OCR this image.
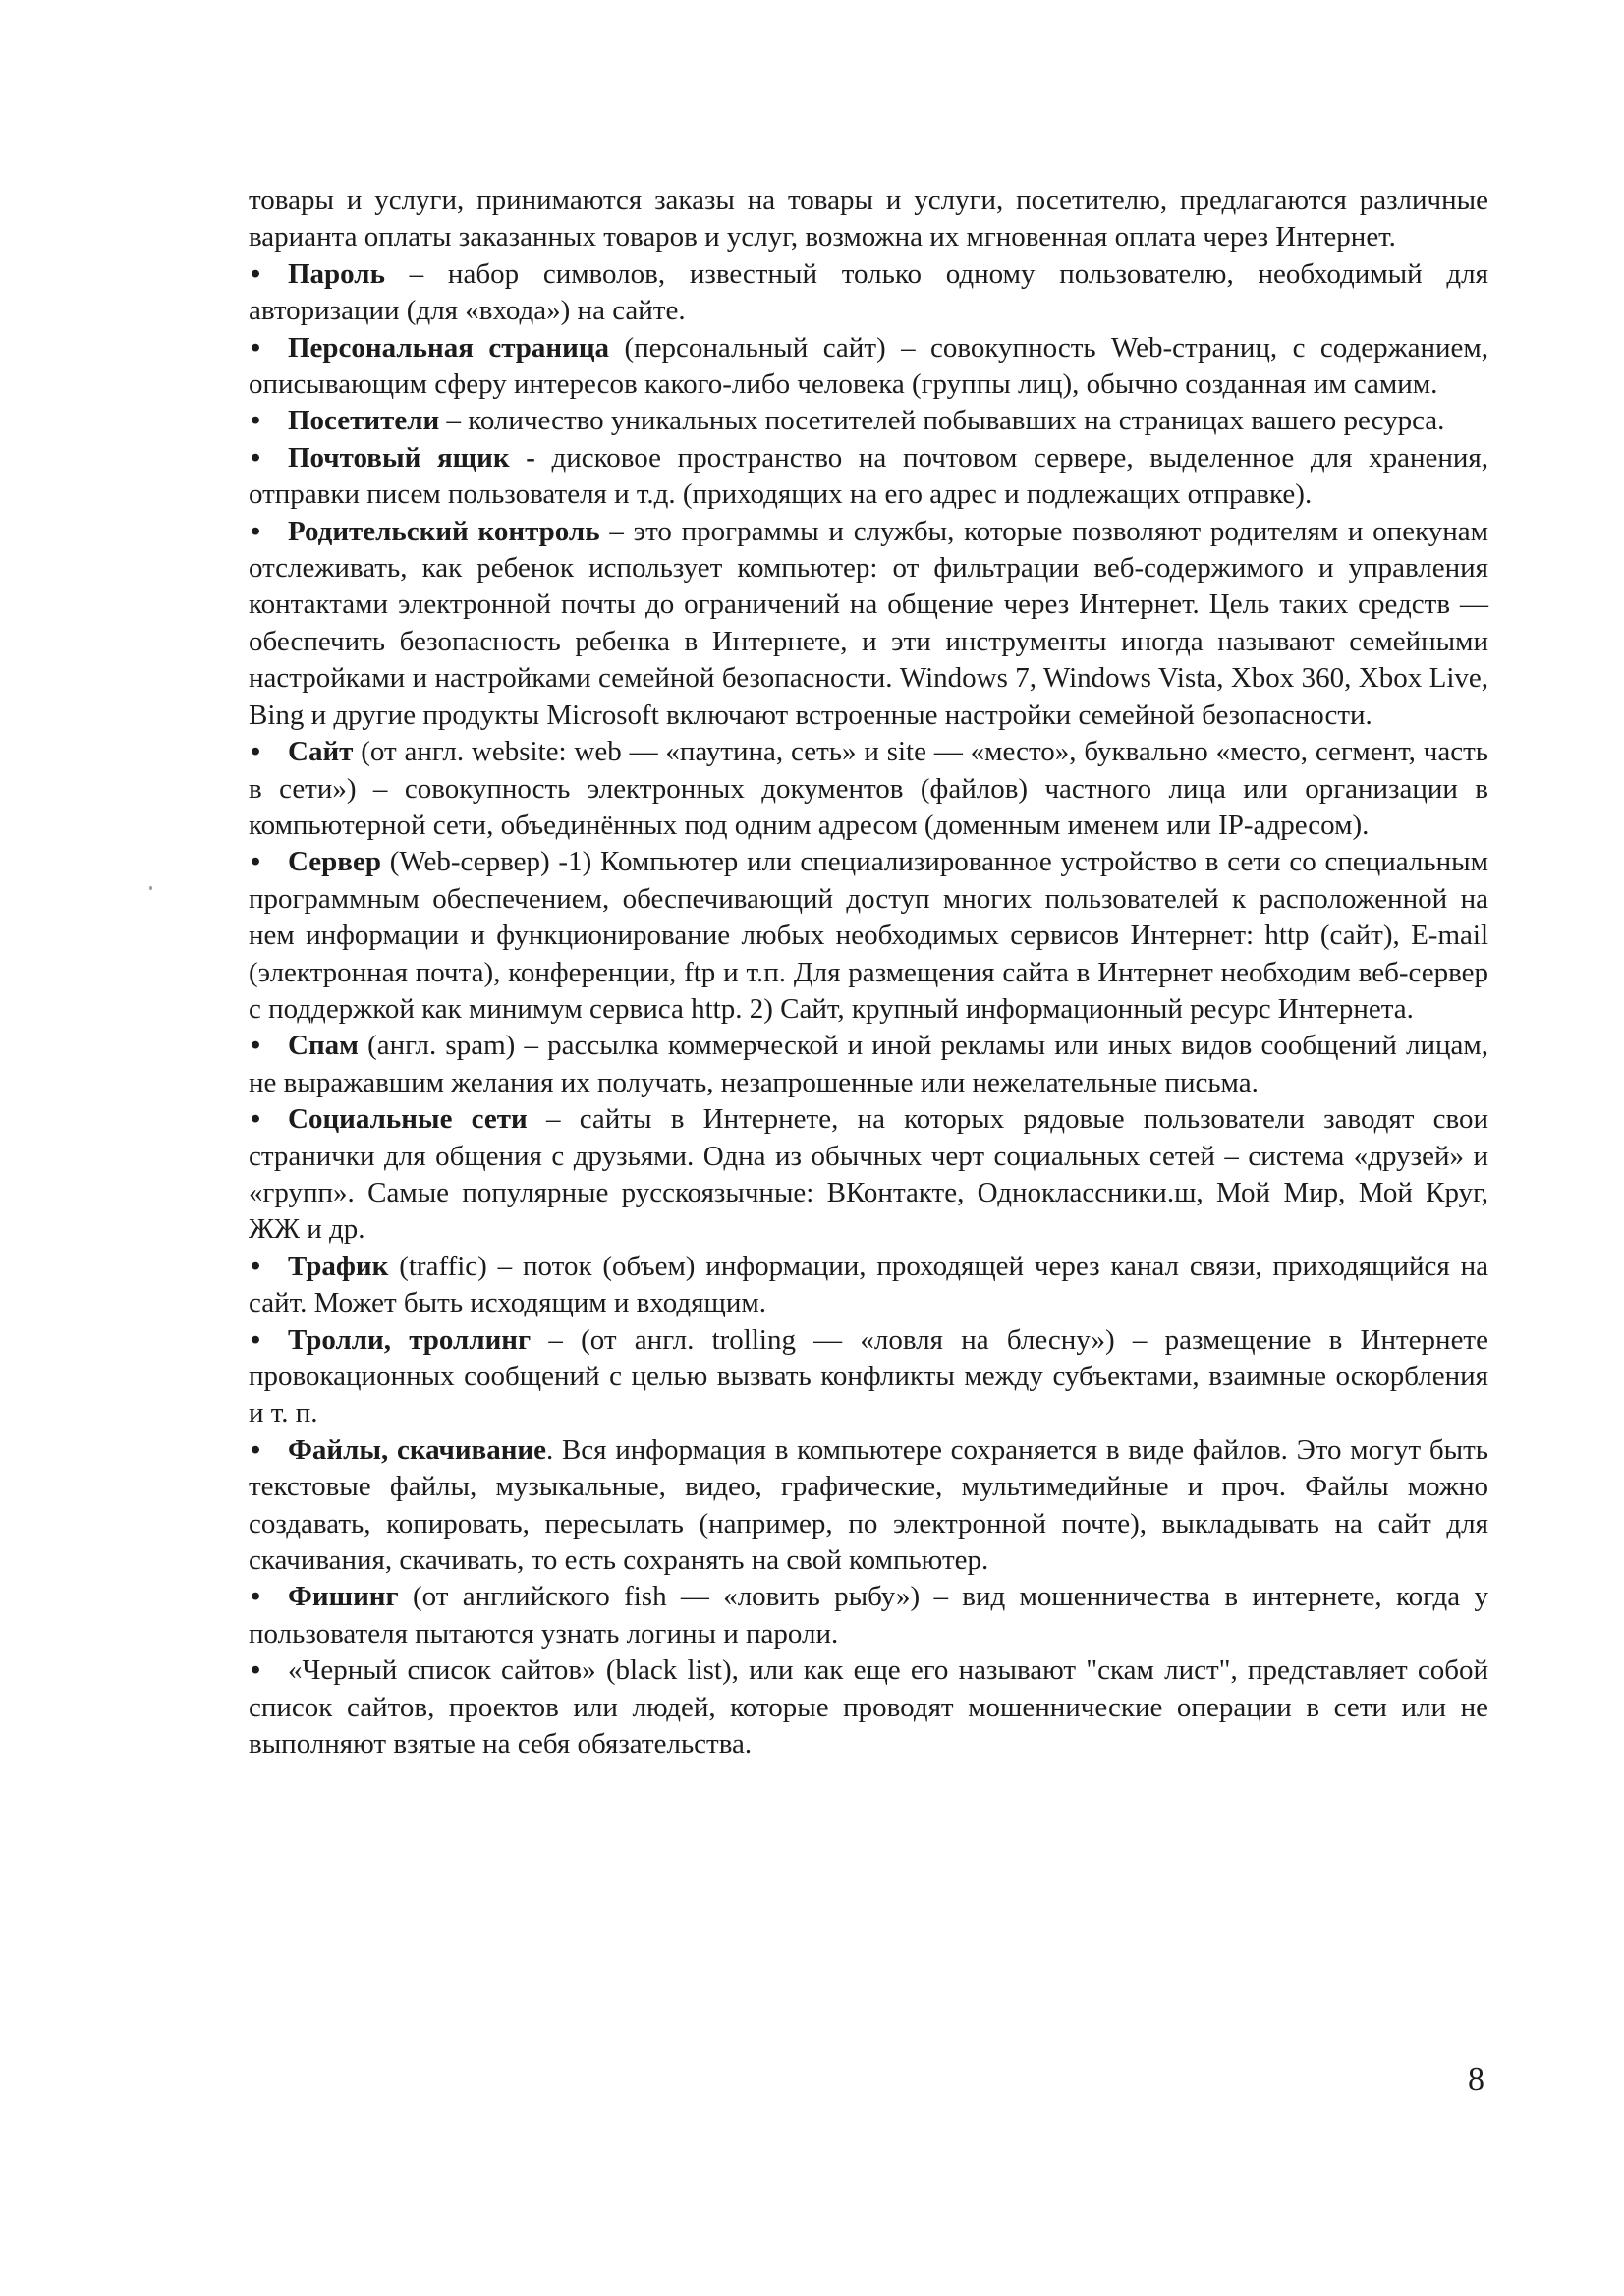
товары и услуги, принимаются заказы на товары и услуги, посетителю, предлагаются различные варианта оплаты заказанных товаров и услуг, возможна их мгновенная оплата через Интернет.

• Пароль – набор символов, известный только одному пользователю, необходимый для авторизации (для «входа») на сайте.

• Персональная страница (персональный сайт) – совокупность Web-страниц, с содержанием, описывающим сферу интересов какого-либо человека (группы лиц), обычно созданная им самим.

• Посетители – количество уникальных посетителей побывавших на страницах вашего ресурса.

• Почтовый ящик - дисковое пространство на почтовом сервере, выделенное для хранения, отправки писем пользователя и т.д. (приходящих на его адрес и подлежащих отправке).

• Родительский контроль – это программы и службы, которые позволяют родителям и опекунам отслеживать, как ребенок использует компьютер: от фильтрации веб-содержимого и управления контактами электронной почты до ограничений на общение через Интернет. Цель таких средств — обеспечить безопасность ребенка в Интернете, и эти инструменты иногда называют семейными настройками и настройками семейной безопасности. Windows 7, Windows Vista, Xbox 360, Xbox Live, Bing и другие продукты Microsoft включают встроенные настройки семейной безопасности.

• Сайт (от англ. website: web — «паутина, сеть» и site — «место», буквально «место, сегмент, часть в сети») – совокупность электронных документов (файлов) частного лица или организации в компьютерной сети, объединённых под одним адресом (доменным именем или IP-адресом).

• Сервер (Web-сервер) -1) Компьютер или специализированное устройство в сети со специальным программным обеспечением, обеспечивающий доступ многих пользователей к расположенной на нем информации и функционирование любых необходимых сервисов Интернет: http (сайт), E-mail (электронная почта), конференции, ftp и т.п. Для размещения сайта в Интернет необходим веб-сервер с поддержкой как минимум сервиса http. 2) Сайт, крупный информационный ресурс Интернета.

• Спам (англ. spam) – рассылка коммерческой и иной рекламы или иных видов сообщений лицам, не выражавшим желания их получать, незапрошенные или нежелательные письма.

• Социальные сети – сайты в Интернете, на которых рядовые пользователи заводят свои странички для общения с друзьями. Одна из обычных черт социальных сетей – система «друзей» и «групп». Самые популярные русскоязычные: ВКонтакте, Одноклассники.ш, Мой Мир, Мой Круг, ЖЖ и др.

• Трафик (traffic) – поток (объем) информации, проходящей через канал связи, приходящийся на сайт. Может быть исходящим и входящим.

• Тролли, троллинг – (от англ. trolling — «ловля на блесну») – размещение в Интернете провокационных сообщений с целью вызвать конфликты между субъектами, взаимные оскорбления и т. п.

• Файлы, скачивание. Вся информация в компьютере сохраняется в виде файлов. Это могут быть текстовые файлы, музыкальные, видео, графические, мультимедийные и проч. Файлы можно создавать, копировать, пересылать (например, по электронной почте), выкладывать на сайт для скачивания, скачивать, то есть сохранять на свой компьютер.

• Фишинг (от английского fish — «ловить рыбу») – вид мошенничества в интернете, когда у пользователя пытаются узнать логины и пароли.

• «Черный список сайтов» (black list), или как еще его называют "скам лист", представляет собой список сайтов, проектов или людей, которые проводят мошеннические операции в сети или не выполняют взятые на себя обязательства.

8
